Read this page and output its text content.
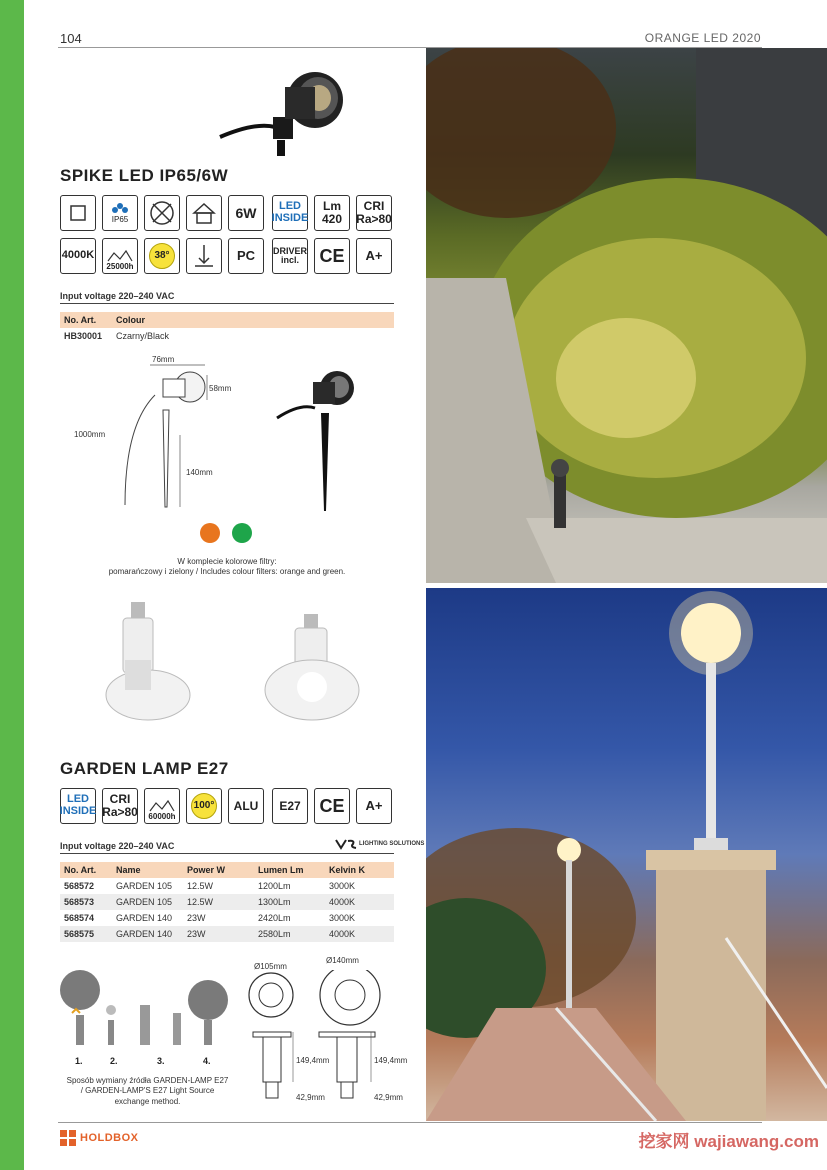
104	ORANGE LED 2020
SPIKE LED IP65/6W
IP65	6W	LED
INSIDE
Lm
420
CRI
Ra>80
4000K
25000h
38°	PC	DRIVER
incl.	CE	A+
Input voltage 220–240 VAC
No. Art.	Colour
HB30001	Czarny/Black
76mm
58mm
1000mm
140mm
W komplecie kolorowe filtry:
pomarańczowy i zielony / Includes colour filters: orange and green.
GARDEN LAMP E27
LED
INSIDE
CRI
Ra>80 60000h
100°	ALU	E27	CE	A+
Input voltage 220–240 VAC	LIGHTING SOLUTIONS
No. Art.	Name	Power W	Lumen Lm	Kelvin K
568572	GARDEN 105	12.5W	1200Lm	3000K
568573	GARDEN 105	12.5W	1300Lm	4000K
568574	GARDEN 140	23W	2420Lm	3000K
568575	GARDEN 140	23W	2580Lm	4000K
1.	2.	3.	4.
Sposób wymiany źródła GARDEN-LAMP E27
/ GARDEN-LAMP'S E27 Light Source
exchange method.
Ø105mm
Ø140mm
149,4mm	149,4mm
42,9mm	42,9mm
HOLDBOX	挖家网 wajiawang.com
